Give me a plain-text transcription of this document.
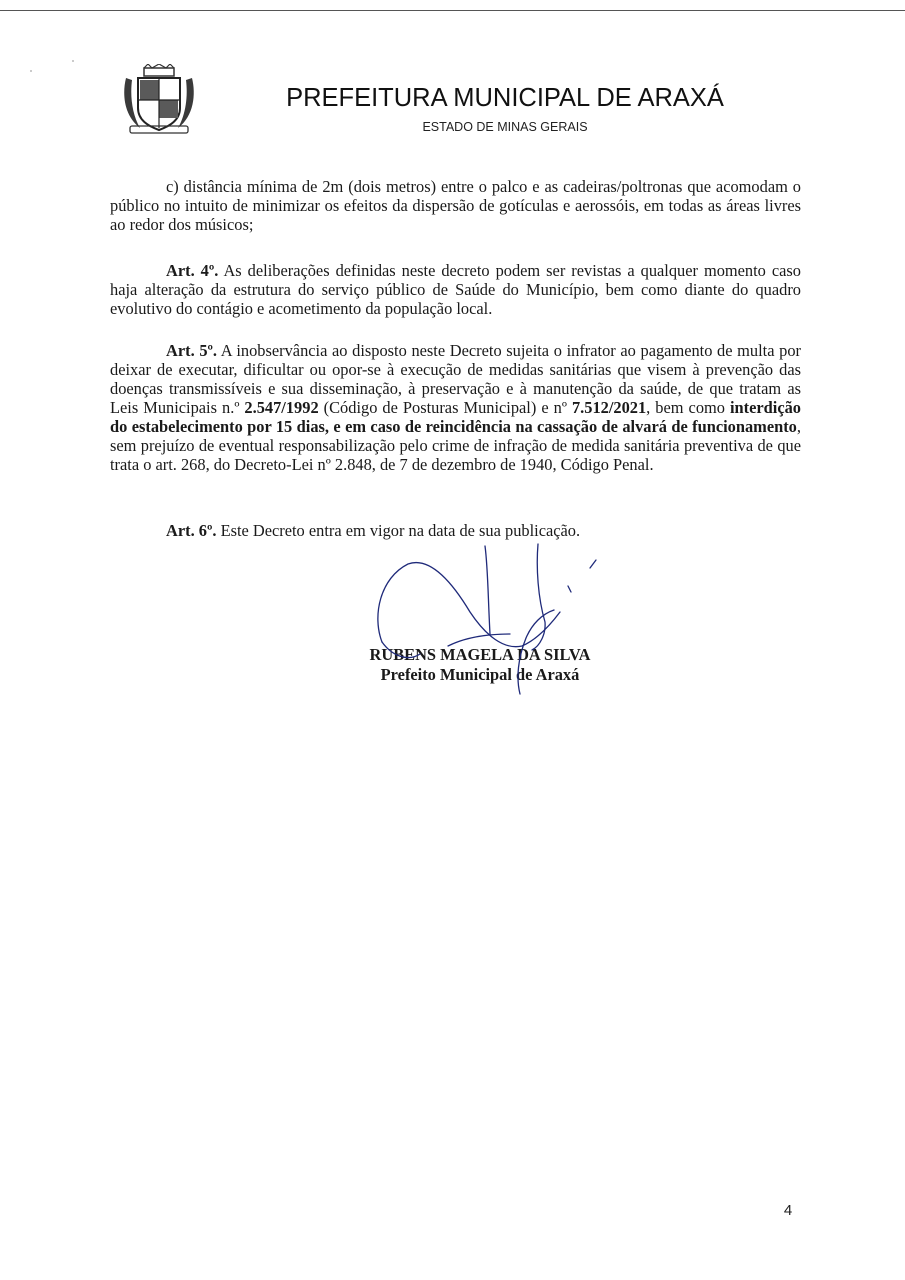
PREFEITURA MUNICIPAL DE ARAXÁ
ESTADO DE MINAS GERAIS

c) distância mínima de 2m (dois metros) entre o palco e as cadeiras/poltronas que acomodam o público no intuito de minimizar os efeitos da dispersão de gotículas e aerossóis, em todas as áreas livres ao redor dos músicos;

Art. 4º. As deliberações definidas neste decreto podem ser revistas a qualquer momento caso haja alteração da estrutura do serviço público de Saúde do Município, bem como diante do quadro evolutivo do contágio e acometimento da população local.

Art. 5º. A inobservância ao disposto neste Decreto sujeita o infrator ao pagamento de multa por deixar de executar, dificultar ou opor-se à execução de medidas sanitárias que visem à prevenção das doenças transmissíveis e sua disseminação, à preservação e à manutenção da saúde, de que tratam as Leis Municipais n.º 2.547/1992 (Código de Posturas Municipal) e nº 7.512/2021, bem como interdição do estabelecimento por 15 dias, e em caso de reincidência na cassação de alvará de funcionamento, sem prejuízo de eventual responsabilização pelo crime de infração de medida sanitária preventiva de que trata o art. 268, do Decreto-Lei nº 2.848, de 7 de dezembro de 1940, Código Penal.

Art. 6º. Este Decreto entra em vigor na data de sua publicação.

RUBENS MAGELA DA SILVA
Prefeito Municipal de Araxá
4
